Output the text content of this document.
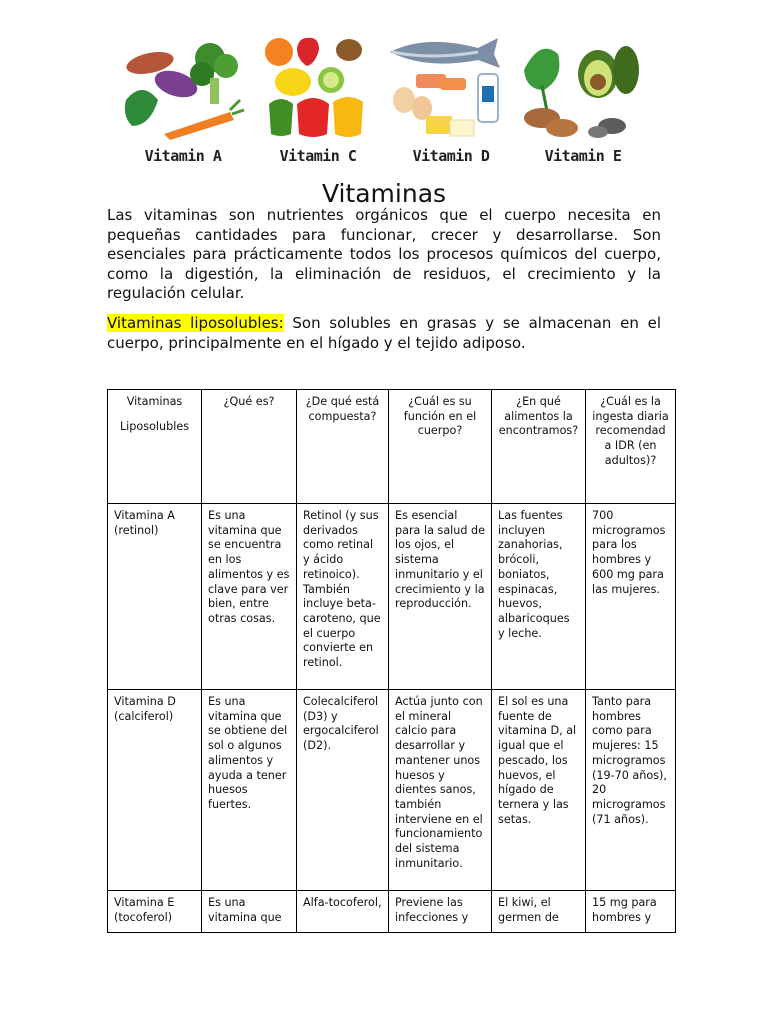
Vitamin A	Vitamin C	Vitamin D	Vitamin E
Vitaminas

Las vitaminas son nutrientes orgánicos que el cuerpo necesita en pequeñas cantidades para funcionar, crecer y desarrollarse. Son esenciales para prácticamente todos los procesos químicos del cuerpo, como la digestión, la eliminación de residuos, el crecimiento y la regulación celular.

Vitaminas liposolubles: Son solubles en grasas y se almacenan en el cuerpo, principalmente en el hígado y el tejido adiposo.

Vitaminas
Liposolubles	¿Qué es?	¿De qué está compuesta?	¿Cuál es su función en el cuerpo?	¿En qué alimentos la encontramos?	¿Cuál es la ingesta diaria recomendad a IDR (en adultos)?
Vitamina A (retinol)	Es una vitamina que se encuentra en los alimentos y es clave para ver bien, entre otras cosas.	Retinol (y sus derivados como retinal y ácido retinoico). También incluye beta-caroteno, que el cuerpo convierte en retinol.	Es esencial para la salud de los ojos, el sistema inmunitario y el crecimiento y la reproducción.	Las fuentes incluyen zanahorias, brócoli, boniatos, espinacas, huevos, albaricoques y leche.	700 microgramos para los hombres y 600 mg para las mujeres.
Vitamina D (calciferol)	Es una vitamina que se obtiene del sol o algunos alimentos y ayuda a tener huesos fuertes.	Colecalciferol (D3) y ergocalciferol (D2).	Actúa junto con el mineral calcio para desarrollar y mantener unos huesos y dientes sanos, también interviene en el funcionamiento del sistema inmunitario.	El sol es una fuente de vitamina D, al igual que el pescado, los huevos, el hígado de ternera y las setas.	Tanto para hombres como para mujeres: 15 microgramos (19-70 años), 20 microgramos (71 años).
Vitamina E (tocoferol)	Es una vitamina que	Alfa-tocoferol,	Previene las infecciones y	El kiwi, el germen de	15 mg para hombres y
